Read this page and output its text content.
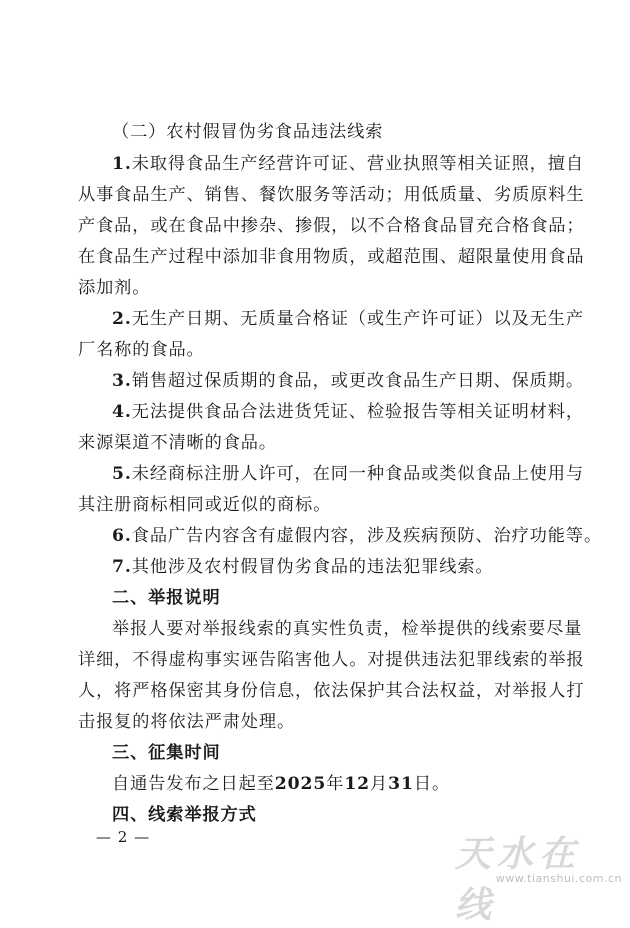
（二）农村假冒伪劣食品违法线索
1.未取得食品生产经营许可证、营业执照等相关证照，擅自
从事食品生产、销售、餐饮服务等活动；用低质量、劣质原料生
产食品，或在食品中掺杂、掺假，以不合格食品冒充合格食品；
在食品生产过程中添加非食用物质，或超范围、超限量使用食品
添加剂。
2.无生产日期、无质量合格证（或生产许可证）以及无生产
厂名称的食品。
3.销售超过保质期的食品，或更改食品生产日期、保质期。
4.无法提供食品合法进货凭证、检验报告等相关证明材料，
来源渠道不清晰的食品。
5.未经商标注册人许可，在同一种食品或类似食品上使用与
其注册商标相同或近似的商标。
6.食品广告内容含有虚假内容，涉及疾病预防、治疗功能等。
7.其他涉及农村假冒伪劣食品的违法犯罪线索。
二、举报说明
举报人要对举报线索的真实性负责，检举提供的线索要尽量
详细，不得虚构事实诬告陷害他人。对提供违法犯罪线索的举报
人，将严格保密其身份信息，依法保护其合法权益，对举报人打
击报复的将依法严肃处理。
三、征集时间
自通告发布之日起至2025年12月31日。
四、线索举报方式
— 2 —	天水在线
www.tianshui.com.cn
